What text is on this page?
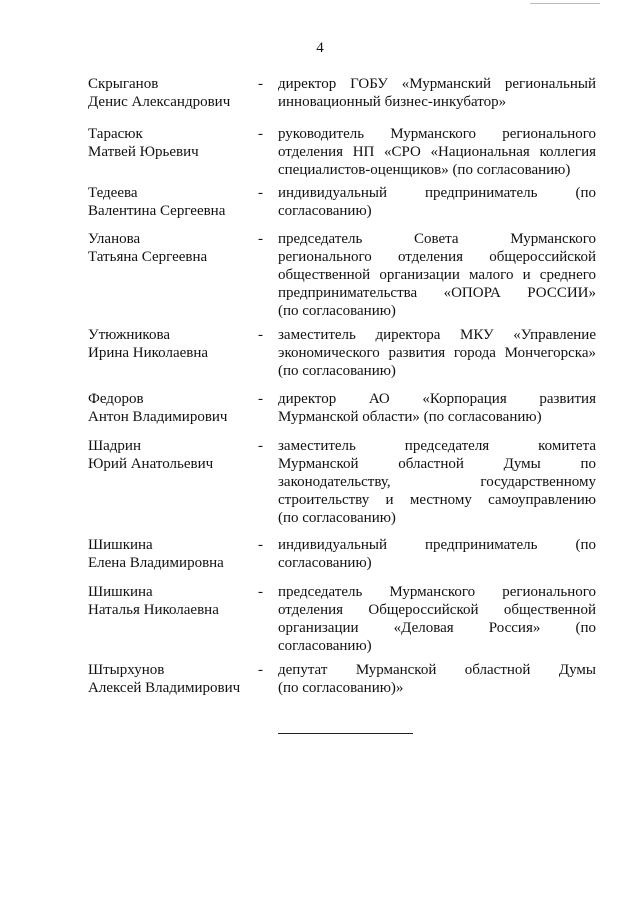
4
Скрыганов
Денис Александрович
-	директор ГОБУ «Мурманский региональный
инновационный бизнес-инкубатор»
Тарасюк
Матвей Юрьевич
-	руководитель Мурманского регионального
отделения НП «СРО «Национальная коллегия
специалистов-оценщиков» (по согласованию)
Тедеева
Валентина Сергеевна
-	индивидуальный предприниматель (по
согласованию)
Уланова
Татьяна Сергеевна
-	председатель Совета Мурманского
регионального отделения общероссийской
общественной организации малого и среднего
предпринимательства «ОПОРА РОССИИ»
(по согласованию)
Утюжникова
Ирина Николаевна
-	заместитель директора МКУ «Управление
экономического развития города Мончегорска»
(по согласованию)
Федоров
Антон Владимирович
-	директор АО «Корпорация развития
Мурманской области» (по согласованию)
Шадрин
Юрий Анатольевич
-	заместитель председателя комитета
Мурманской областной Думы по
законодательству, государственному
строительству и местному самоуправлению
(по согласованию)
Шишкина
Елена Владимировна
-	индивидуальный предприниматель (по
согласованию)
Шишкина
Наталья Николаевна
-	председатель Мурманского регионального
отделения Общероссийской общественной
организации «Деловая Россия» (по
согласованию)
Штырхунов
Алексей Владимирович
-	депутат Мурманской областной Думы
(по согласованию)»
